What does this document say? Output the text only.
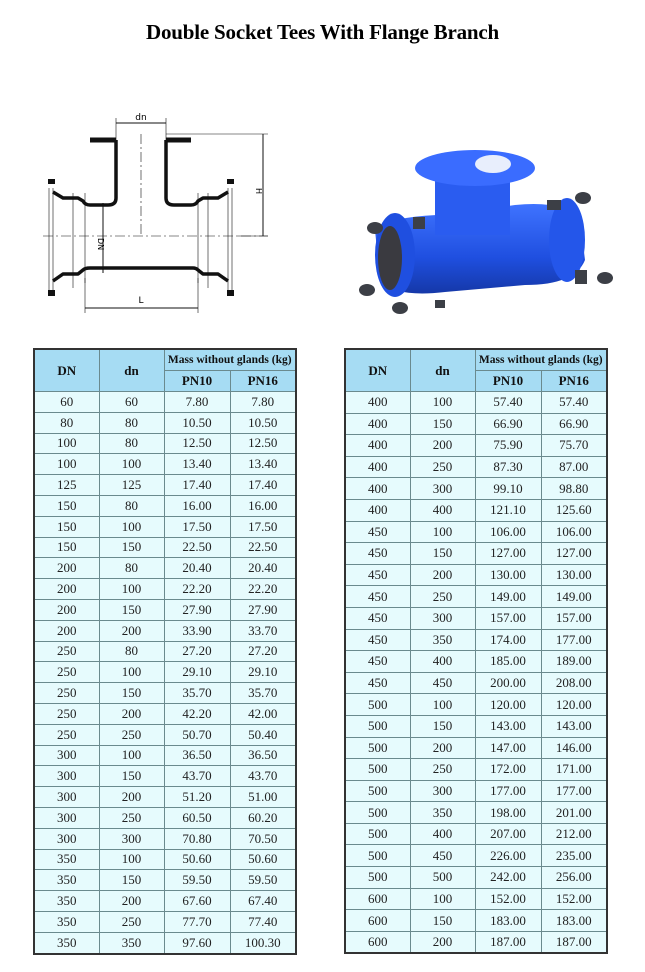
Double Socket Tees With Flange Branch
dn
DN
H
L
DN	dn	Mass without glands (kg)	
		PN10	PN16
60	60	7.80	7.80
80	80	10.50	10.50
100	80	12.50	12.50
100	100	13.40	13.40
125	125	17.40	17.40
150	80	16.00	16.00
150	100	17.50	17.50
150	150	22.50	22.50
200	80	20.40	20.40
200	100	22.20	22.20
200	150	27.90	27.90
200	200	33.90	33.70
250	80	27.20	27.20
250	100	29.10	29.10
250	150	35.70	35.70
250	200	42.20	42.00
250	250	50.70	50.40
300	100	36.50	36.50
300	150	43.70	43.70
300	200	51.20	51.00
300	250	60.50	60.20
300	300	70.80	70.50
350	100	50.60	50.60
350	150	59.50	59.50
350	200	67.60	67.40
350	250	77.70	77.40
350	350	97.60	100.30
DN	dn	Mass without glands (kg)	
		PN10	PN16
400	100	57.40	57.40
400	150	66.90	66.90
400	200	75.90	75.70
400	250	87.30	87.00
400	300	99.10	98.80
400	400	121.10	125.60
450	100	106.00	106.00
450	150	127.00	127.00
450	200	130.00	130.00
450	250	149.00	149.00
450	300	157.00	157.00
450	350	174.00	177.00
450	400	185.00	189.00
450	450	200.00	208.00
500	100	120.00	120.00
500	150	143.00	143.00
500	200	147.00	146.00
500	250	172.00	171.00
500	300	177.00	177.00
500	350	198.00	201.00
500	400	207.00	212.00
500	450	226.00	235.00
500	500	242.00	256.00
600	100	152.00	152.00
600	150	183.00	183.00
600	200	187.00	187.00
